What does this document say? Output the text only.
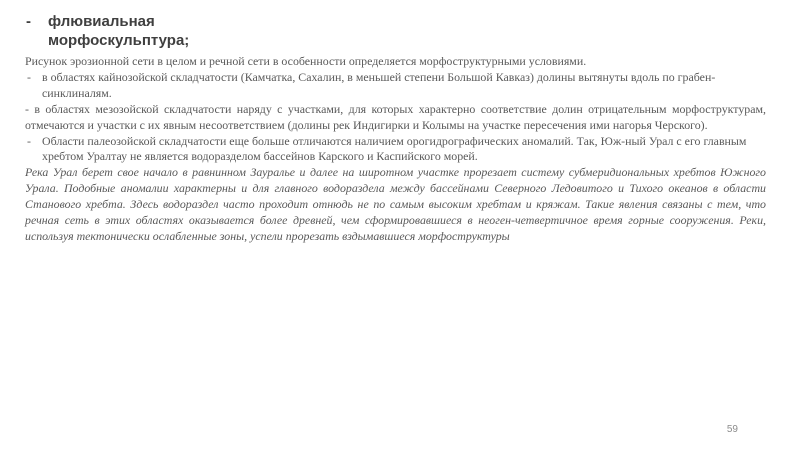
- флювиальная морфоскульптура;

Рисунок эрозионной сети в целом и речной сети в особенности определяется морфоструктурными условиями.

- в областях кайнозойской складчатости (Камчатка, Сахалин, в меньшей степени Большой Кавказ) долины вытянуты вдоль по грабен-синклиналям.

- в областях мезозойской складчатости наряду с участками, для которых характерно соответствие долин отрицательным морфоструктурам, отмечаются и участки с их явным несоответствием (долины рек Индигирки и Колымы на участке пересечения ими нагорья Черского).

- Области палеозойской складчатости еще больше отличаются наличием орогидрографических аномалий. Так, Юж-ный Урал с его главным хребтом Уралтау не является водоразделом бассейнов Карского и Каспийского морей.

Река Урал берет свое начало в равнинном Зауралье и далее на широтном участке прорезает систему субмеридиональных хребтов Южного Урала. Подобные аномалии характерны и для главного водораздела между бассейнами Северного Ледовитого и Тихого океанов в области Станового хребта. Здесь водораздел часто проходит отнюдь не по самым высоким хребтам и кряжам. Такие явления связаны с тем, что речная сеть в этих областях оказывается более древней, чем сформировавшиеся в неоген-четвертичное время горные сооружения. Реки, используя тектонически ослабленные зоны, успели прорезать вздымавшиеся морфоструктуры

59
